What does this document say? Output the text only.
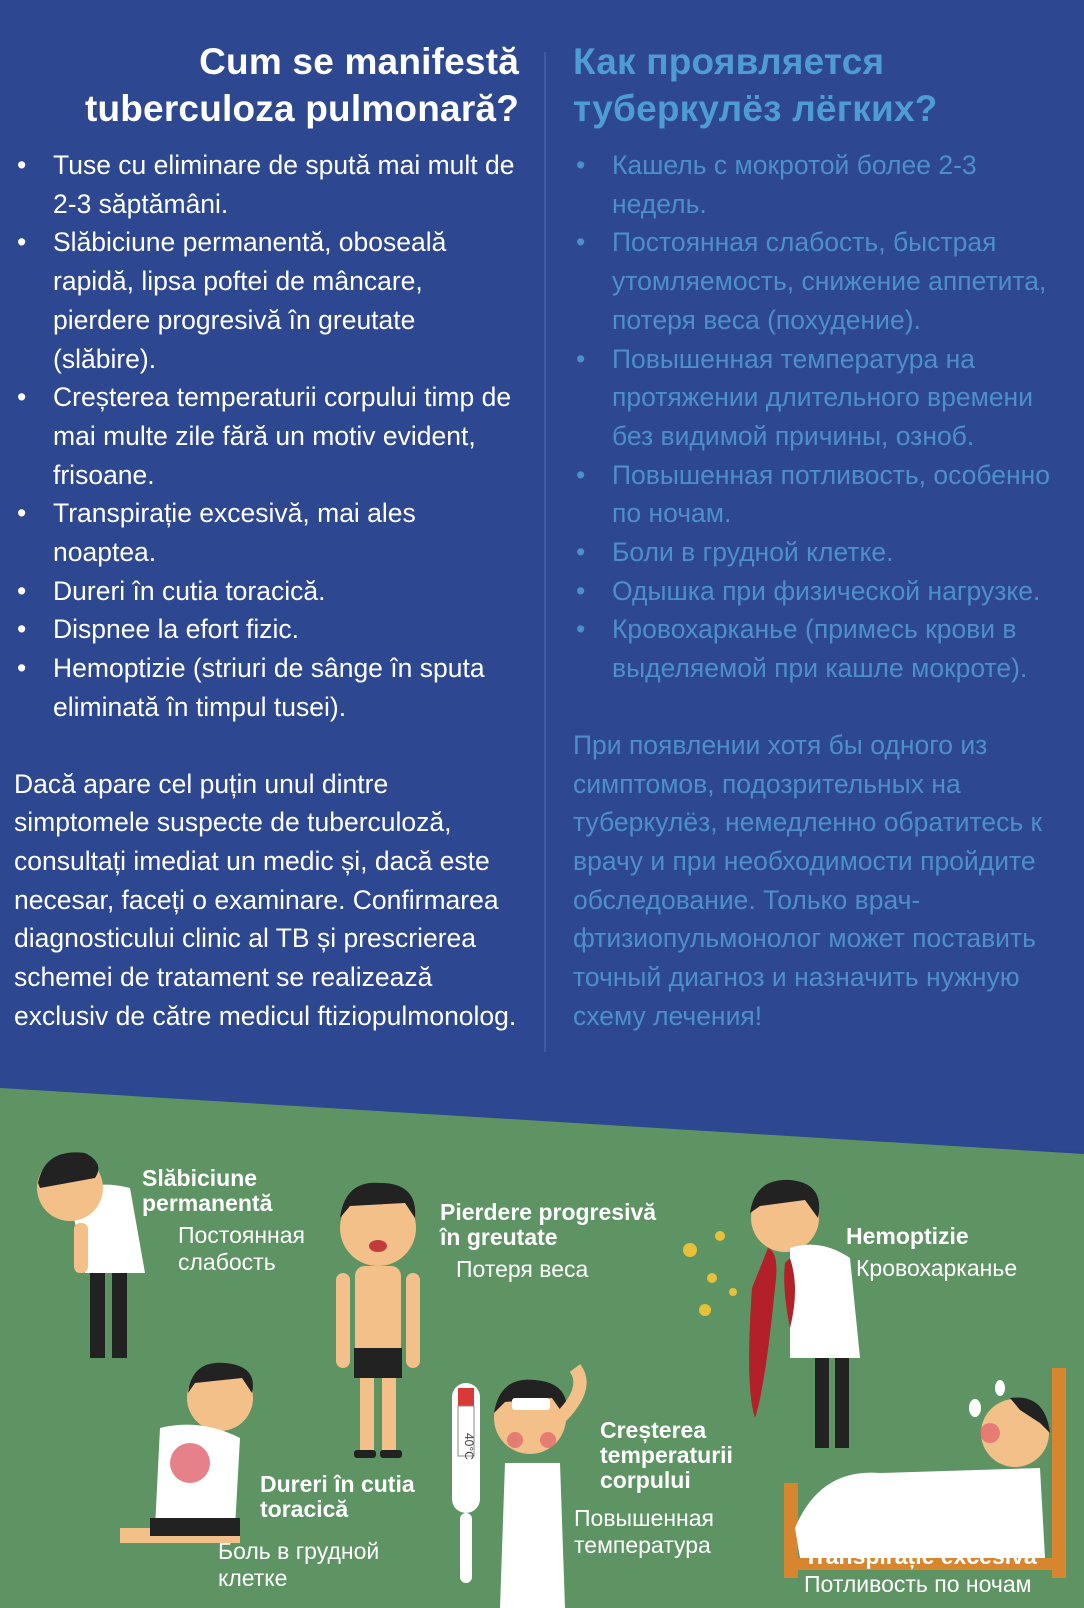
Cum se manifestă tuberculoza pulmonară?
• Tuse cu eliminare de spută mai mult de 2-3 săptămâni.
• Slăbiciune permanentă, oboseală rapidă, lipsa poftei de mâncare, pierdere progresivă în greutate (slăbire).
• Creșterea temperaturii corpului timp de mai multe zile fără un motiv evident, frisoane.
• Transpirație excesivă, mai ales noaptea.
• Dureri în cutia toracică.
• Dispnee la efort fizic.
• Hemoptizie (striuri de sânge în sputa eliminată în timpul tusei).

Dacă apare cel puțin unul dintre simptomele suspecte de tuberculoză, consultați imediat un medic și, dacă este necesar, faceți o examinare. Confirmarea diagnosticului clinic al TB și prescrierea schemei de tratament se realizează exclusiv de către medicul ftiziopulmonolog.

Как проявляется туберкулёз лёгких?
• Кашель с мокротой более 2-3 недель.
• Постоянная слабость, быстрая утомляемость, снижение аппетита, потеря веса (похудение).
• Повышенная температура на протяжении длительного времени без видимой причины, озноб.
• Повышенная потливость, особенно по ночам.
• Боли в грудной клетке.
• Одышка при физической нагрузке.
• Кровохарканье (примесь крови в выделяемой при кашле мокроте).

При появлении хотя бы одного из симптомов, подозрительных на туберкулёз, немедленно обратитесь к врачу и при необходимости пройдите обследование. Только врач-фтизиопульмонолог может поставить точный диагноз и назначить нужную схему лечения!

40°C
Slăbiciune permanentă
Постоянная слабость
Pierdere progresivă în greutate
Потеря веса
Hemoptizie
Кровохарканье
Dureri în cutia toracică
Боль в грудной клетке
Creșterea temperaturii corpului
Повышенная температура	Transpirație excesivă
Потливость по ночам
